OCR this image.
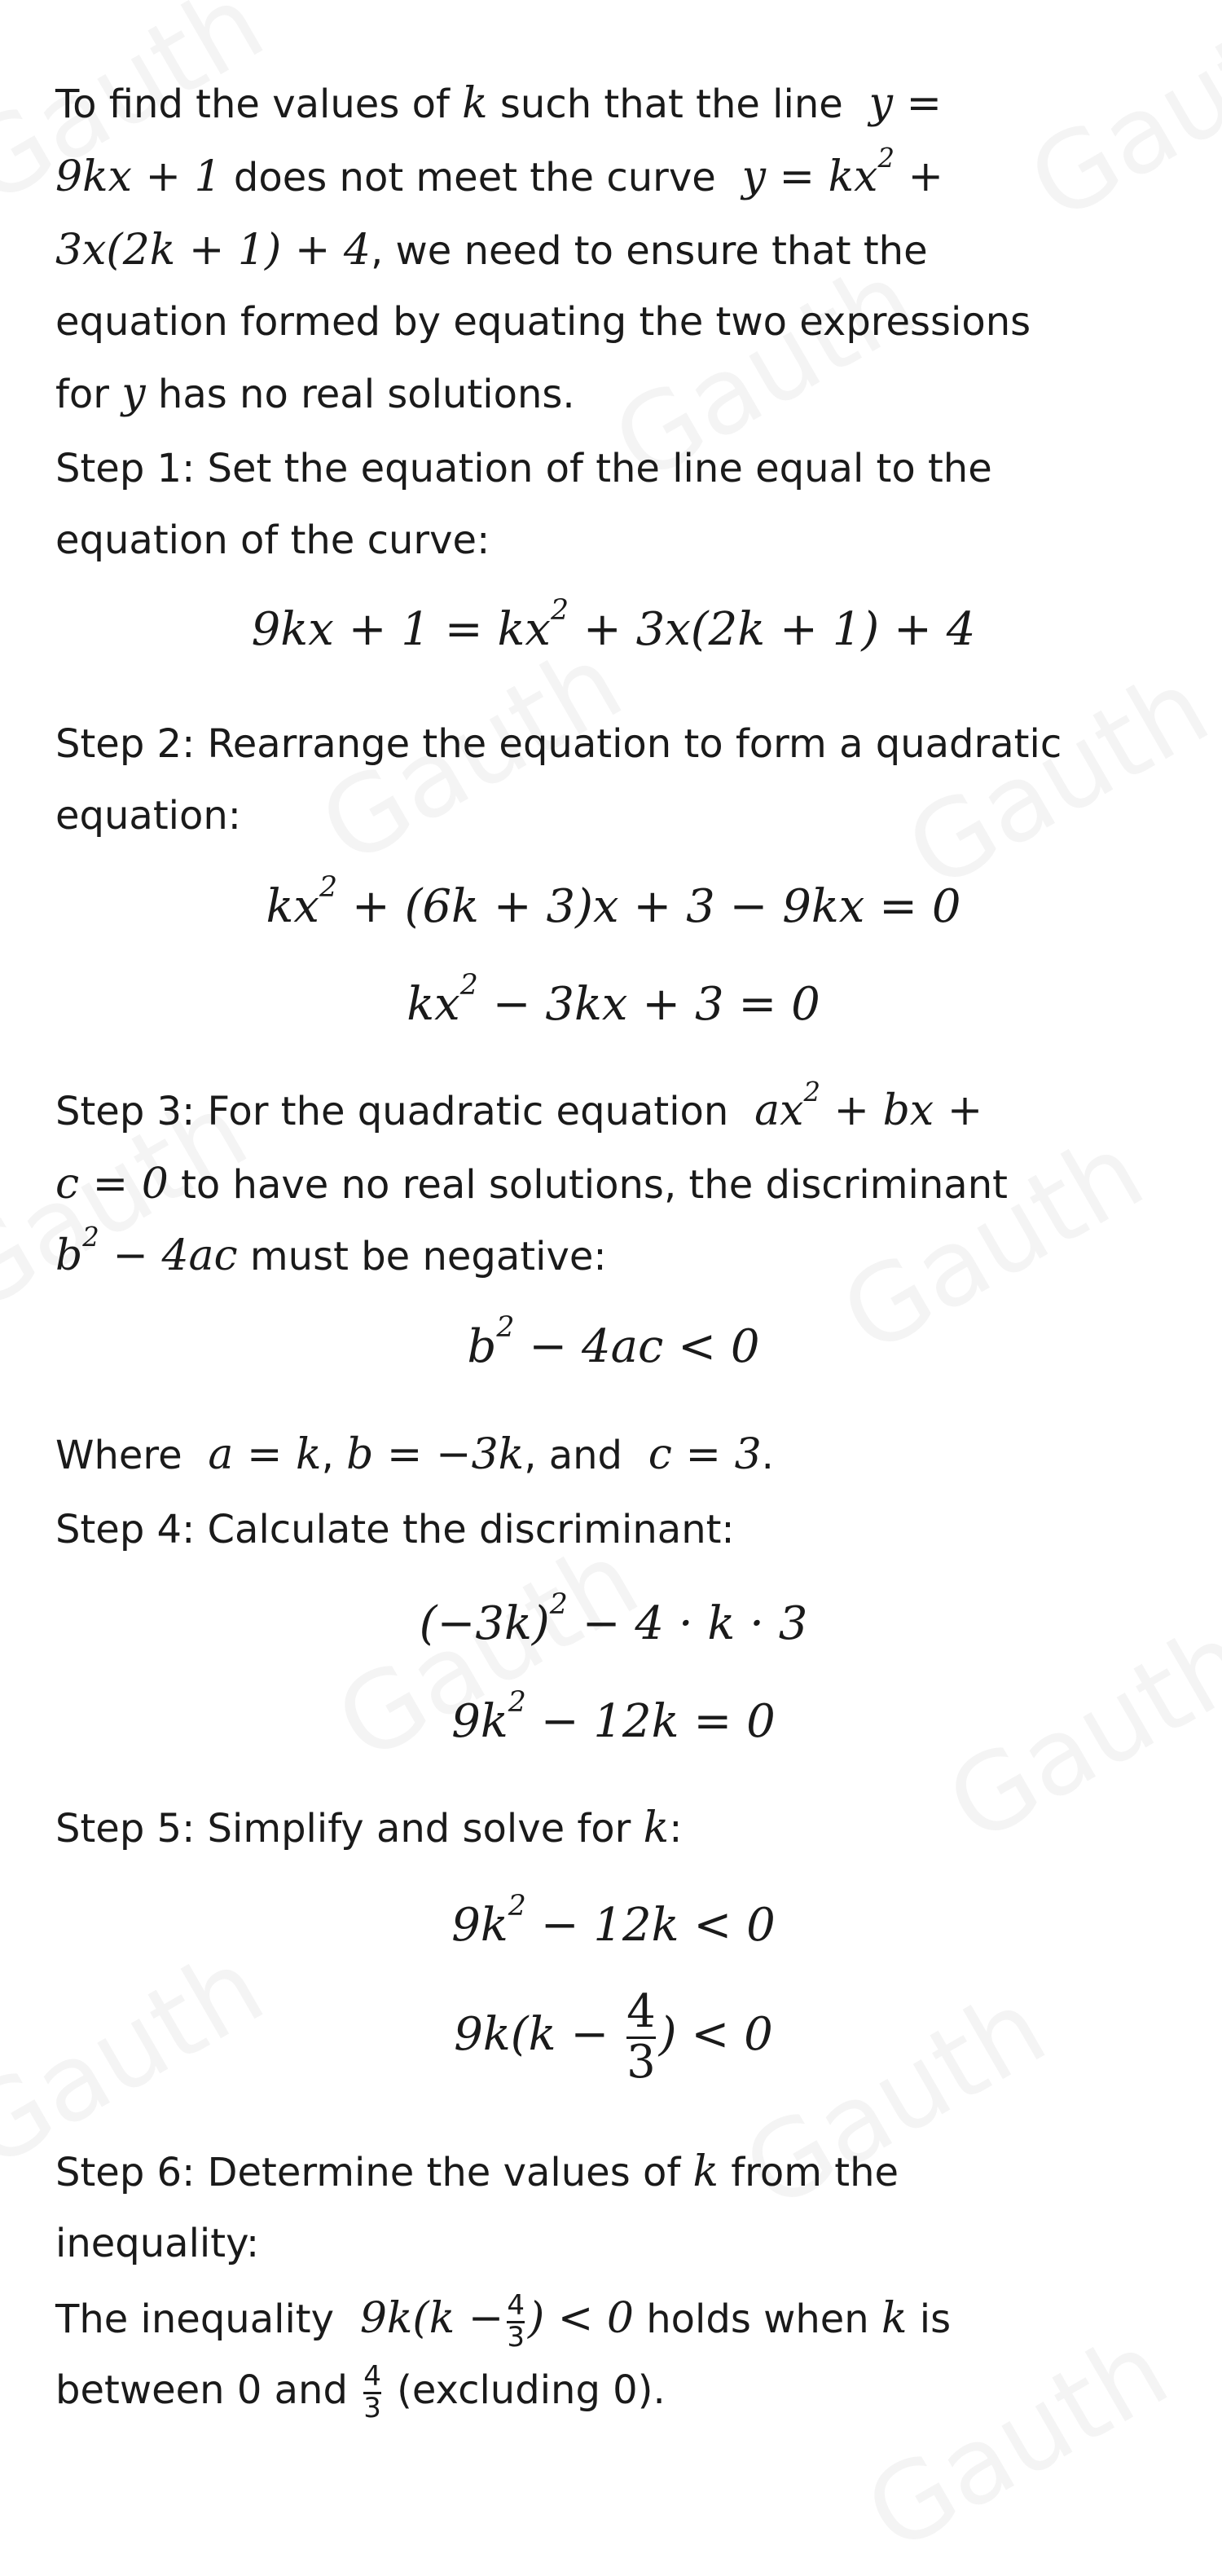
To find the values of k such that the line  y =

9kx + 1 does not meet the curve  $y = kx^2$ +

3x(2k + 1) + 4, we need to ensure that the

equation formed by equating the two expressions

for y has no real solutions.

Step 1: Set the equation of the line equal to the

equation of the curve:

$9kx + 1 = kx^2 + 3x(2k + 1) + 4$

Step 2: Rearrange the equation to form a quadratic

equation:

$kx^2 + (6k + 3)x + 3 - 9kx = 0$
$kx^2 - 3kx + 3 = 0$

Step 3: For the quadratic equation  $ax^2$ + bx +

c = 0 to have no real solutions, the discriminant

$b^2 - 4ac$ must be negative:

$b^2 - 4ac < 0$

Where  a = k, b = −3k, and  c = 3.

Step 4: Calculate the discriminant:

$(-3k)^2 - 4 \cdot k \cdot 3$
$9k^2 - 12k = 0$

Step 5: Simplify and solve for k:

$9k^2 - 12k < 0$
$9k(k - \frac{4}{3}$ ) < 0

Step 6: Determine the values of k from the

inequality:

The inequality  $9k(k - \frac{4}{3}$ ) < 0 holds when k is

between 0 and $\frac{4}{3}$ (excluding 0).
